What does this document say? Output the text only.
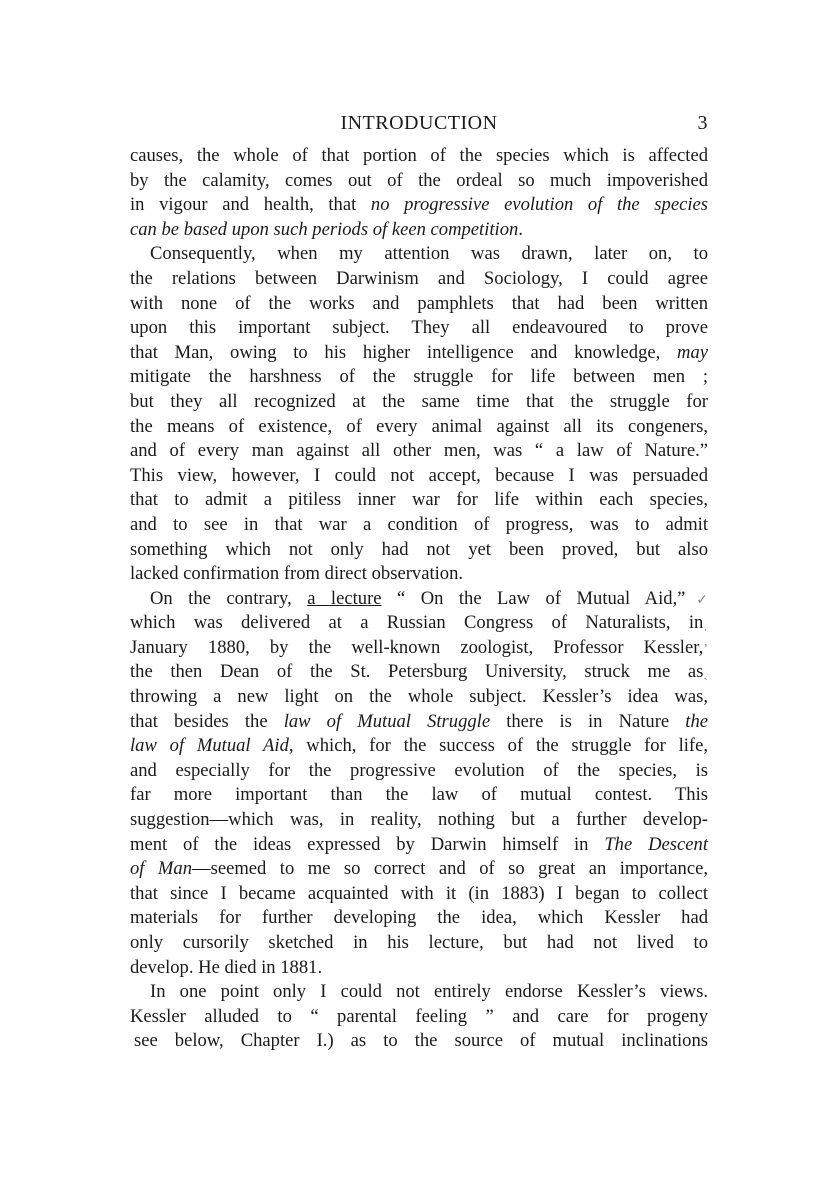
INTRODUCTION	3
causes, the whole of that portion of the species which is affected
by the calamity, comes out of the ordeal so much impoverished
in vigour and health, that no progressive evolution of the species
can be based upon such periods of keen competition.
Consequently, when my attention was drawn, later on, to
the relations between Darwinism and Sociology, I could agree
with none of the works and pamphlets that had been written
upon this important subject. They all endeavoured to prove
that Man, owing to his higher intelligence and knowledge, may
mitigate the harshness of the struggle for life between men ;
but they all recognized at the same time that the struggle for
the means of existence, of every animal against all its congeners,
and of every man against all other men, was “ a law of Nature.”
This view, however, I could not accept, because I was persuaded
that to admit a pitiless inner war for life within each species,
and to see in that war a condition of progress, was to admit
something which not only had not yet been proved, but also
lacked confirmation from direct observation.
On the contrary, a lecture “ On the Law of Mutual Aid,”✓
which was delivered at a Russian Congress of Naturalists, inˌ
January 1880, by the well-known zoologist, Professor Kessler,ʼ
the then Dean of the St. Petersburg University, struck me asˏ
throwing a new light on the whole subject. Kessler’s idea was,
that besides the law of Mutual Struggle there is in Nature the
law of Mutual Aid, which, for the success of the struggle for life,
and especially for the progressive evolution of the species, is
far more important than the law of mutual contest. This
suggestion—which was, in reality, nothing but a further develop-
ment of the ideas expressed by Darwin himself in The Descent
of Man—seemed to me so correct and of so great an importance,
that since I became acquainted with it (in 1883) I began to collect
materials for further developing the idea, which Kessler had
only cursorily sketched in his lecture, but had not lived to
develop. He died in 1881.
In one point only I could not entirely endorse Kessler’s views.
Kessler alluded to “ parental feeling ” and care for progeny
see below, Chapter I.) as to the source of mutual inclinations
